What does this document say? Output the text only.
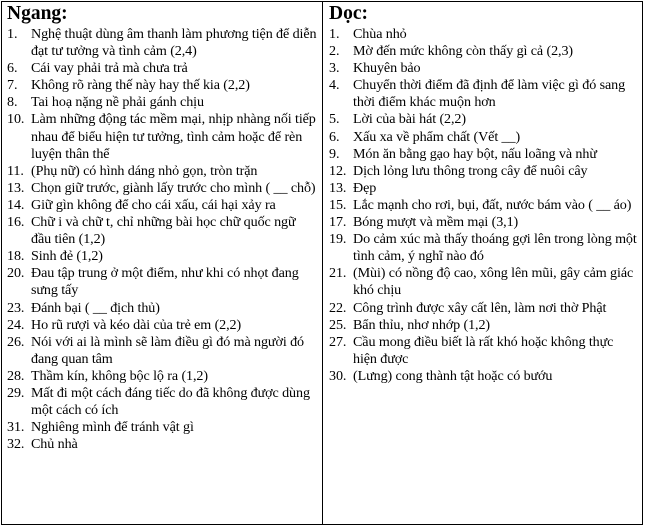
Ngang:
1. Nghệ thuật dùng âm thanh làm phương tiện để diễn đạt tư tưởng và tình cảm (2,4)
6. Cái vay phải trả mà chưa trả
7. Không rõ ràng thế này hay thế kia (2,2)
8. Tai hoạ nặng nề phải gánh chịu
10. Làm những động tác mềm mại, nhịp nhàng nối tiếp nhau để biểu hiện tư tưởng, tình cảm hoặc để rèn luyện thân thể
11. (Phụ nữ) có hình dáng nhỏ gọn, tròn trặn
13. Chọn giữ trước, giành lấy trước cho mình ( __ chỗ)
14. Giữ gìn không để cho cái xấu, cái hại xảy ra
16. Chữ i và chữ t, chỉ những bài học chữ quốc ngữ đầu tiên (1,2)
18. Sinh đẻ (1,2)
20. Đau tập trung ở một điểm, như khi có nhọt đang sưng tấy
23. Đánh bại ( __ địch thủ)
24. Ho rũ rượi và kéo dài của trẻ em (2,2)
26. Nói với ai là mình sẽ làm điều gì đó mà người đó đang quan tâm
28. Thầm kín, không bộc lộ ra (1,2)
29. Mất đi một cách đáng tiếc do đã không được dùng một cách có ích
31. Nghiêng mình để tránh vật gì
32. Chủ nhà
Dọc:
1. Chùa nhỏ
2. Mờ đến mức không còn thấy gì cả (2,3)
3. Khuyên bảo
4. Chuyển thời điểm đã định để làm việc gì đó sang thời điểm khác muộn hơn
5. Lời của bài hát (2,2)
6. Xấu xa về phẩm chất (Vết __)
9. Món ăn bằng gạo hay bột, nấu loãng và nhừ
12. Dịch lỏng lưu thông trong cây để nuôi cây
13. Đẹp
15. Lắc mạnh cho rơi, bụi, đất, nước bám vào ( __ áo)
17. Bóng mượt và mềm mại (3,1)
19. Do cảm xúc mà thấy thoáng gợi lên trong lòng một tình cảm, ý nghĩ nào đó
21. (Mùi) có nồng độ cao, xông lên mũi, gây cảm giác khó chịu
22. Công trình được xây cất lên, làm nơi thờ Phật
25. Bẩn thỉu, nhơ nhớp (1,2)
27. Cầu mong điều biết là rất khó hoặc không thực hiện được
30. (Lưng) cong thành tật hoặc có bướu
